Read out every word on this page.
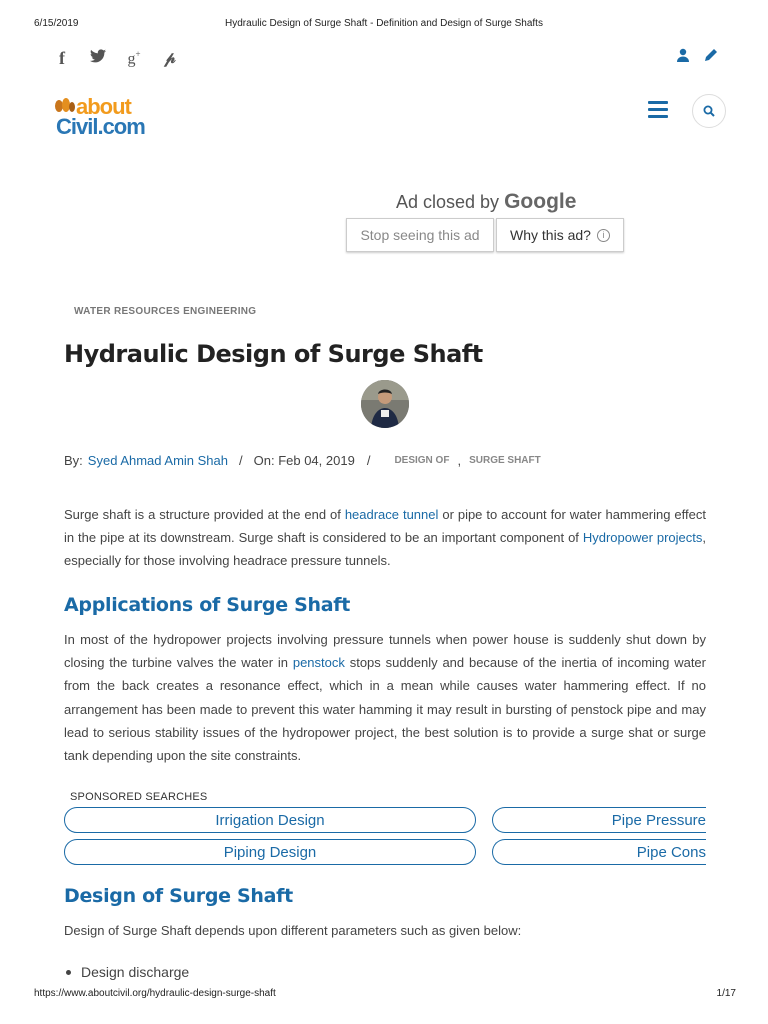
6/15/2019	Hydraulic Design of Surge Shaft - Definition and Design of Surge Shafts
f	g+ 𝓅
about
Civil.com
Ad closed by Google
Stop seeing this ad Why this ad?	i
WATER RESOURCES ENGINEERING
Hydraulic Design of Surge Shaft
By: Syed Ahmad Amin Shah / On: Feb 04, 2019 / DESIGN OF , SURGE SHAFT

Surge shaft is a structure provided at the end of headrace tunnel or pipe to account for water hammering effect in the pipe at its downstream. Surge shaft is considered to be an important component of Hydropower projects, especially for those involving headrace pressure tunnels.

Applications of Surge Shaft

In most of the hydropower projects involving pressure tunnels when power house is suddenly shut down by closing the turbine valves the water in penstock stops suddenly and because of the inertia of incoming water from the back creates a resonance effect, which in a mean while causes water hammering effect. If no arrangement has been made to prevent this water hamming it may result in bursting of penstock pipe and may lead to serious stability issues of the hydropower project, the best solution is to provide a surge shat or surge tank depending upon the site constraints.

SPONSORED SEARCHES
Irrigation Design	Pipe Pressure
Piping Design	Pipe Cons
Design of Surge Shaft

Design of Surge Shaft depends upon different parameters such as given below:

Design discharge
https://www.aboutcivil.org/hydraulic-design-surge-shaft	1/17
